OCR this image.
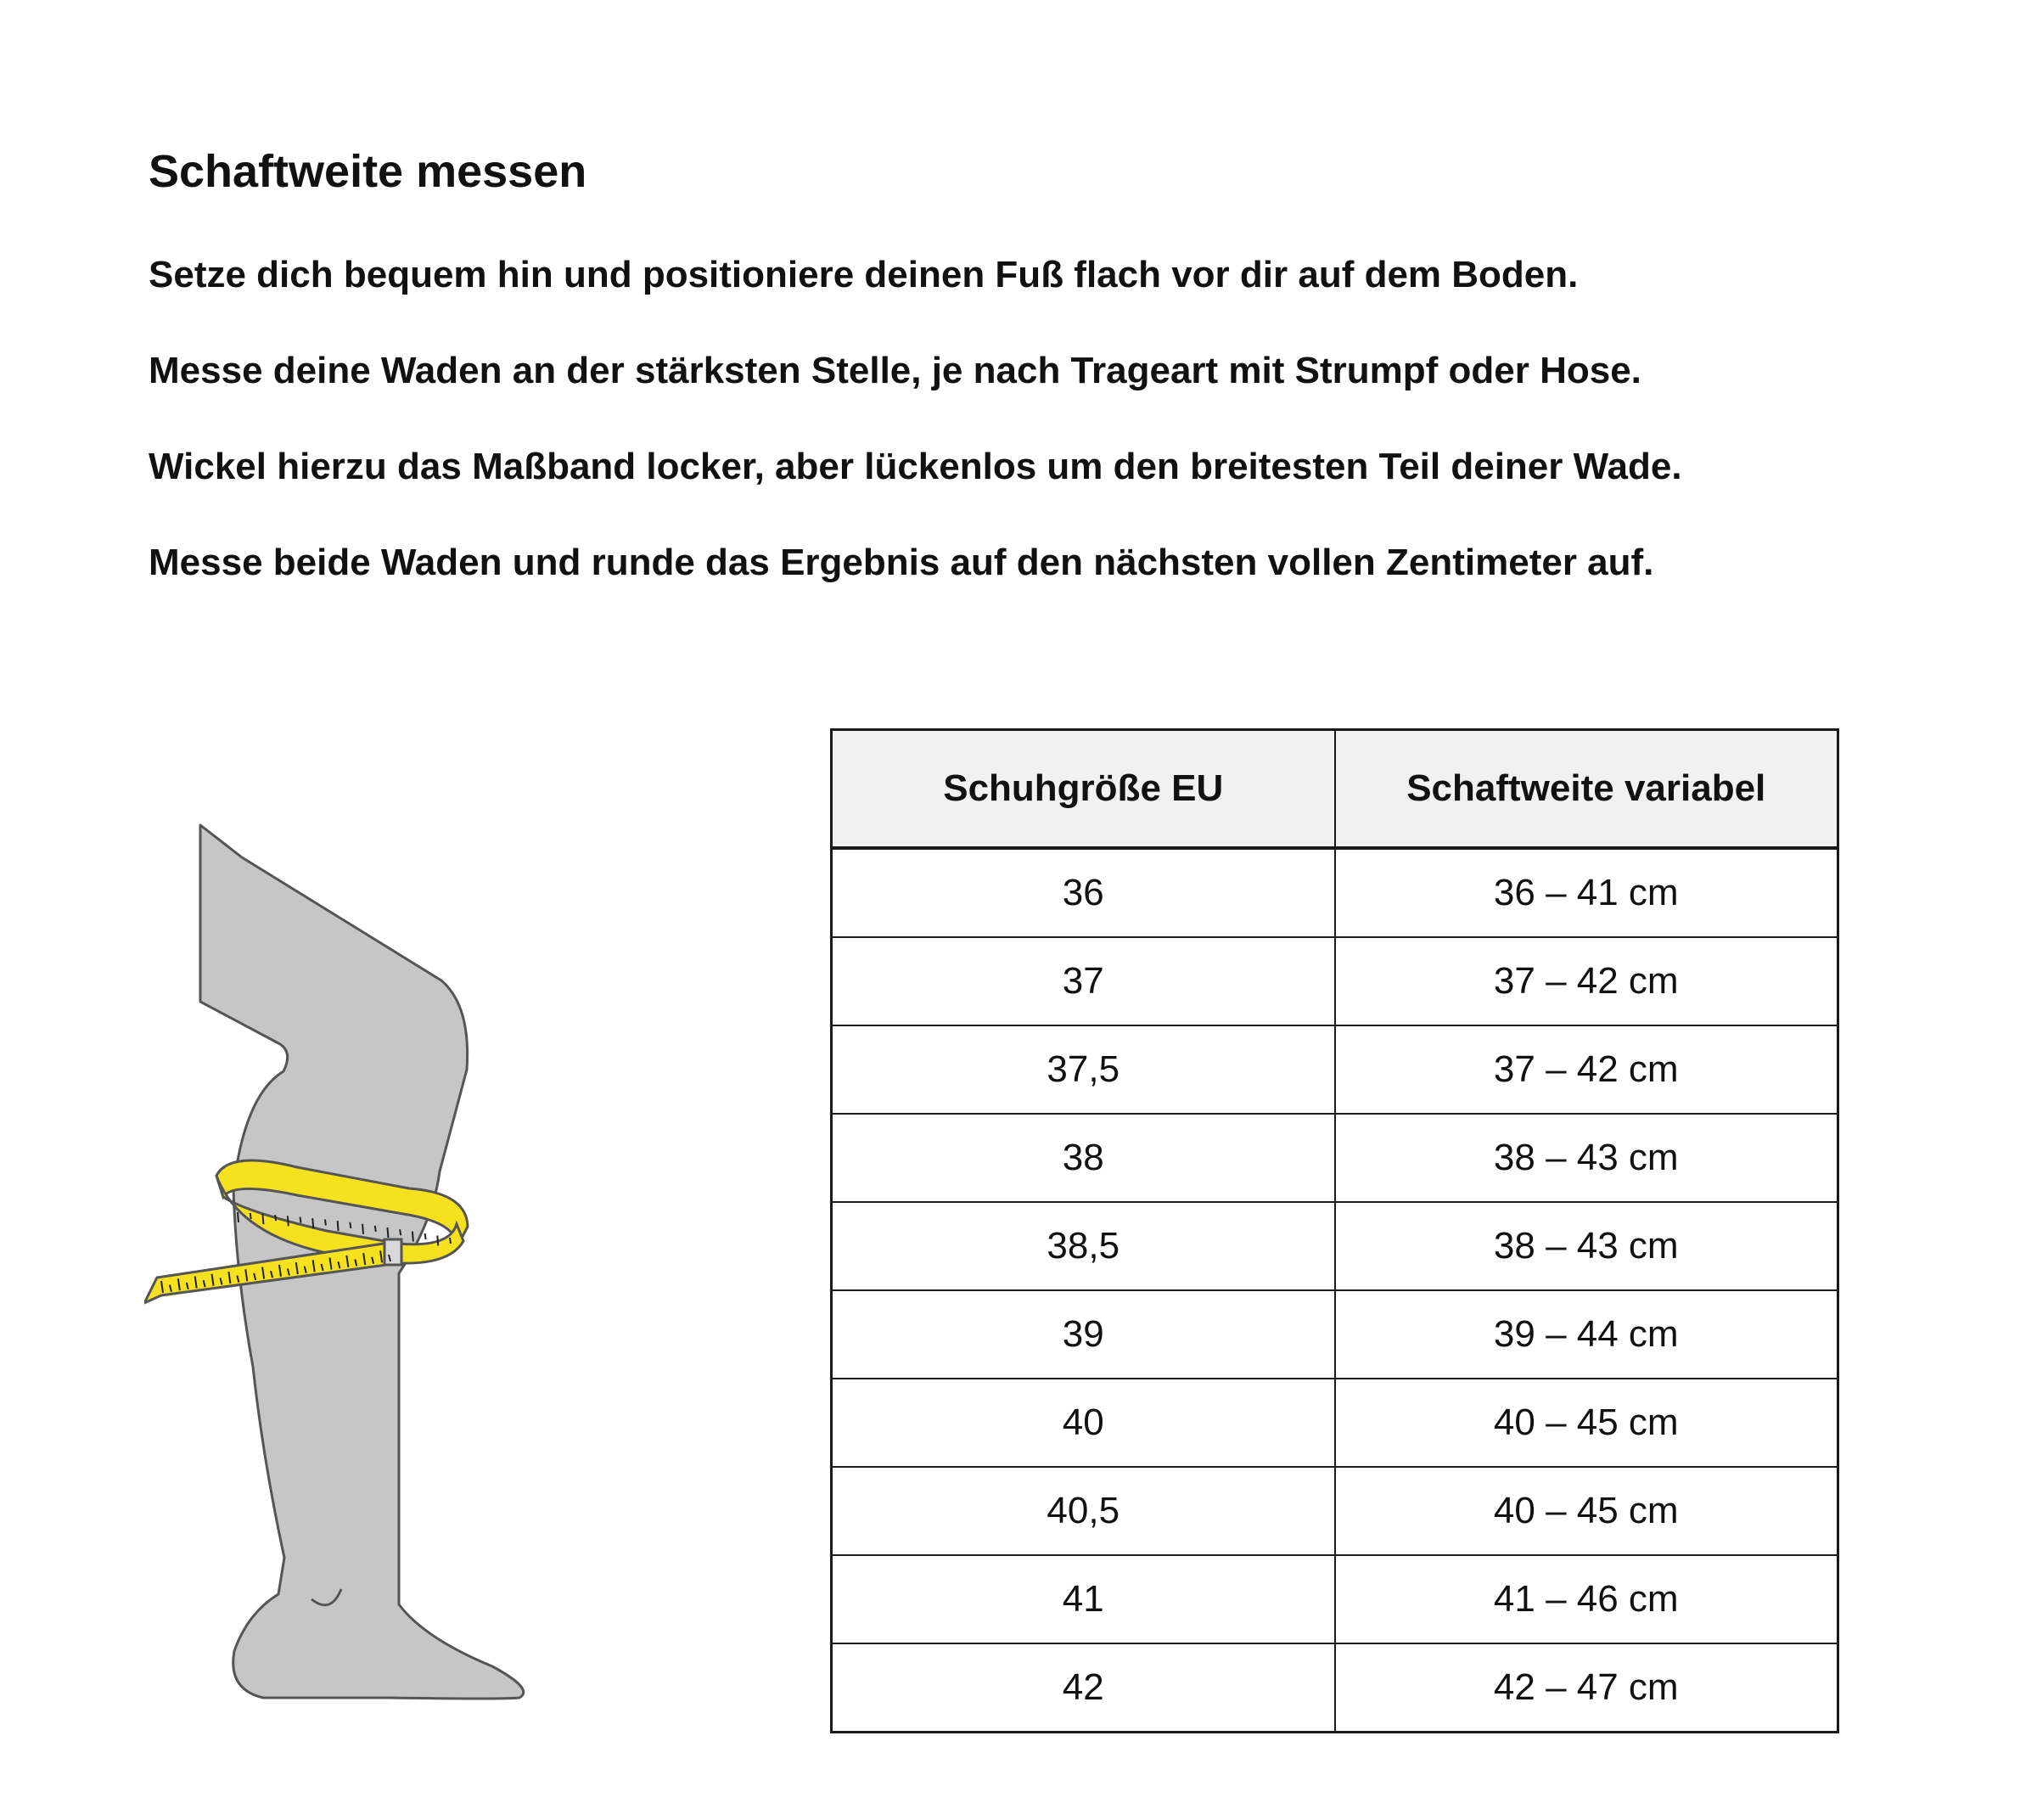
Schaftweite messen
Setze dich bequem hin und positioniere deinen Fuß flach vor dir auf dem Boden.
Messe deine Waden an der stärksten Stelle, je nach Trageart mit Strumpf oder Hose.
Wickel hierzu das Maßband locker, aber lückenlos um den breitesten Teil deiner Wade.
Messe beide Waden und runde das Ergebnis auf den nächsten vollen Zentimeter auf.
Schuhgröße EU	Schaftweite variabel
36	36 – 41 cm
37	37 – 42 cm
37,5	37 – 42 cm
38	38 – 43 cm
38,5	38 – 43 cm
39	39 – 44 cm
40	40 – 45 cm
40,5	40 – 45 cm
41	41 – 46 cm
42	42 – 47 cm
